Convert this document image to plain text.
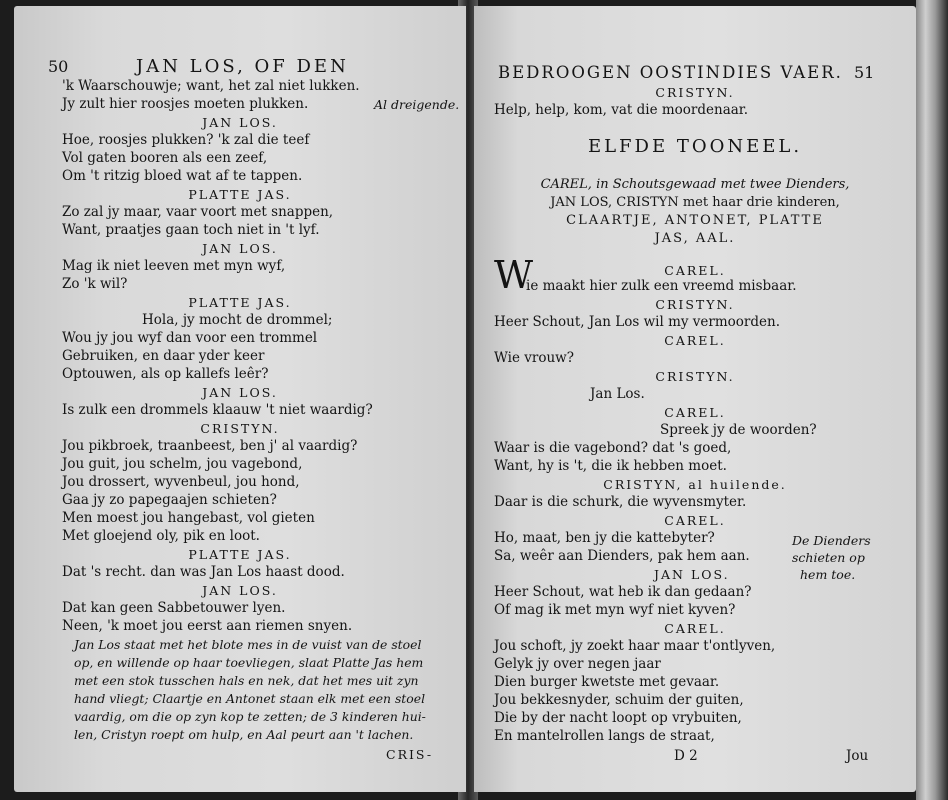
50	JAN LOS, OF DEN
'k Waarschouwje; want, het zal niet lukken.
Jy zult hier roosjes moeten plukken.	Al dreigende.
JAN LOS.
Hoe, roosjes plukken? 'k zal die teef
Vol gaten booren als een zeef,
Om 't ritzig bloed wat af te tappen.
PLATTE JAS.
Zo zal jy maar, vaar voort met snappen,
Want, praatjes gaan toch niet in 't lyf.
JAN LOS.
Mag ik niet leeven met myn wyf,
Zo 'k wil?
PLATTE JAS.
Hola, jy mocht de drommel;
Wou jy jou wyf dan voor een trommel
Gebruiken, en daar yder keer
Optouwen, als op kallefs leêr?
JAN LOS.
Is zulk een drommels klaauw 't niet waardig?
CRISTYN.
Jou pikbroek, traanbeest, ben j' al vaardig?
Jou guit, jou schelm, jou vagebond,
Jou drossert, wyvenbeul, jou hond,
Gaa jy zo papegaajen schieten?
Men moest jou hangebast, vol gieten
Met gloejend oly, pik en loot.
PLATTE JAS.
Dat 's recht. dan was Jan Los haast dood.
JAN LOS.
Dat kan geen Sabbetouwer lyen.
Neen, 'k moet jou eerst aan riemen snyen.
Jan Los staat met het blote mes in de vuist van de stoel
op, en willende op haar toevliegen, slaat Platte Jas hem
met een stok tusschen hals en nek, dat het mes uit zyn
hand vliegt; Claartje en Antonet staan elk met een stoel
vaardig, om die op zyn kop te zetten; de 3 kinderen hui-
len, Cristyn roept om hulp, en Aal peurt aan 't lachen.
CRIS-
BEDROOGEN OOSTINDIES VAER. 51
CRISTYN.
Help, help, kom, vat die moordenaar.
ELFDE TOONEEL.
CAREL, in Schoutsgewaad met twee Dienders,
JAN LOS, CRISTYN met haar drie kinderen,
CLAARTJE, ANTONET, PLATTE
JAS, AAL.
CAREL.
W
ie maakt hier zulk een vreemd misbaar.
CRISTYN.
Heer Schout, Jan Los wil my vermoorden.
CAREL.
Wie vrouw?
CRISTYN.
Jan Los.
CAREL.
Spreek jy de woorden?
Waar is die vagebond? dat 's goed,
Want, hy is 't, die ik hebben moet.
CRISTYN, al huilende.
Daar is die schurk, die wyvensmyter.
CAREL.
Ho, maat, ben jy die kattebyter?
Sa, weêr aan Dienders, pak hem aan.
De Dienders
schieten op
hem toe.
JAN LOS.
Heer Schout, wat heb ik dan gedaan?
Of mag ik met myn wyf niet kyven?
CAREL.
Jou schoft, jy zoekt haar maar t'ontlyven,
Gelyk jy over negen jaar
Dien burger kwetste met gevaar.
Jou bekkesnyder, schuim der guiten,
Die by der nacht loopt op vrybuiten,
En mantelrollen langs de straat,
D 2	Jou
